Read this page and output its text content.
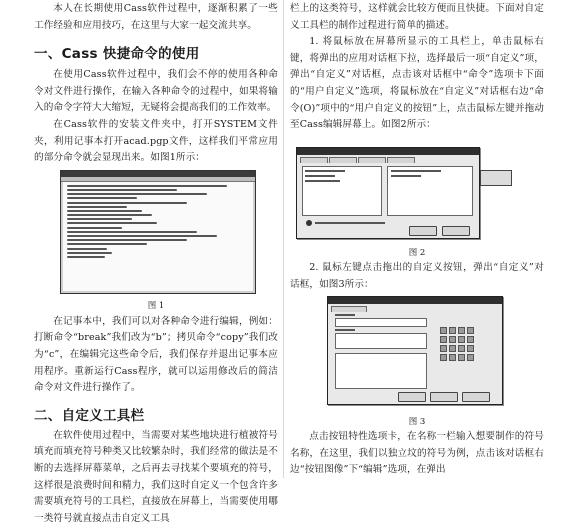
本人在长期使用Cass软件过程中，逐渐积累了一些工作经验和应用技巧，在这里与大家一起交流共享。

一、Cass 快捷命令的使用

在使用Cass软件过程中，我们会不停的使用各种命令对文件进行操作，在输入各种命令的过程中，如果将输入的命令字符大大缩短，无疑将会提高我们的工作效率。

在Cass软件的安装文件夹中，打开SYSTEM文件夹，利用记事本打开acad.pgp文件，这样我们平常应用的部分命令就会显现出来。如图1所示：

图 1

在记事本中，我们可以对各种命令进行编辑，例如：打断命令“break”我们改为“b”；拷贝命令“copy”我们改为“c”，在编辑完这些命令后，我们保存并退出记事本应用程序。重新运行Cass程序，就可以运用修改后的简洁命令对文件进行操作了。

二、自定义工具栏

在软件使用过程中，当需要对某些地块进行植被符号填充而填充符号种类又比较繁杂时，我们经常的做法是不断的去选择屏幕菜单，之后再去寻找某个要填充的符号，这样很是浪费时间和精力，我们这时自定义一个包含许多需要填充符号的工具栏，直接放在屏幕上，当需要使用哪一类符号就直接点击自定义工具

栏上的这类符号，这样就会比较方便而且快捷。下面对自定义工具栏的制作过程进行简单的描述。

1. 将鼠标放在屏幕所显示的工具栏上，单击鼠标右键，将弹出的应用对话框下拉，选择最后一项“自定义”项，弹出“自定义”对话框，点击该对话框中“命令”选项卡下面的“用户自定义”选项，将鼠标放在“自定义”对话框右边“命令(O)”项中的“用户自定义的按钮”上，点击鼠标左键并拖动至Cass编辑屏幕上。如图2所示：

图 2

2. 鼠标左键点击拖出的自定义按钮，弹出“自定义”对话框，如图3所示：

图 3

点击按钮特性选项卡，在名称一栏输入想要制作的符号名称，在这里，我们以独立坟的符号为例，点击该对话框右边“按钮图像”下“编辑”选项，在弹出
